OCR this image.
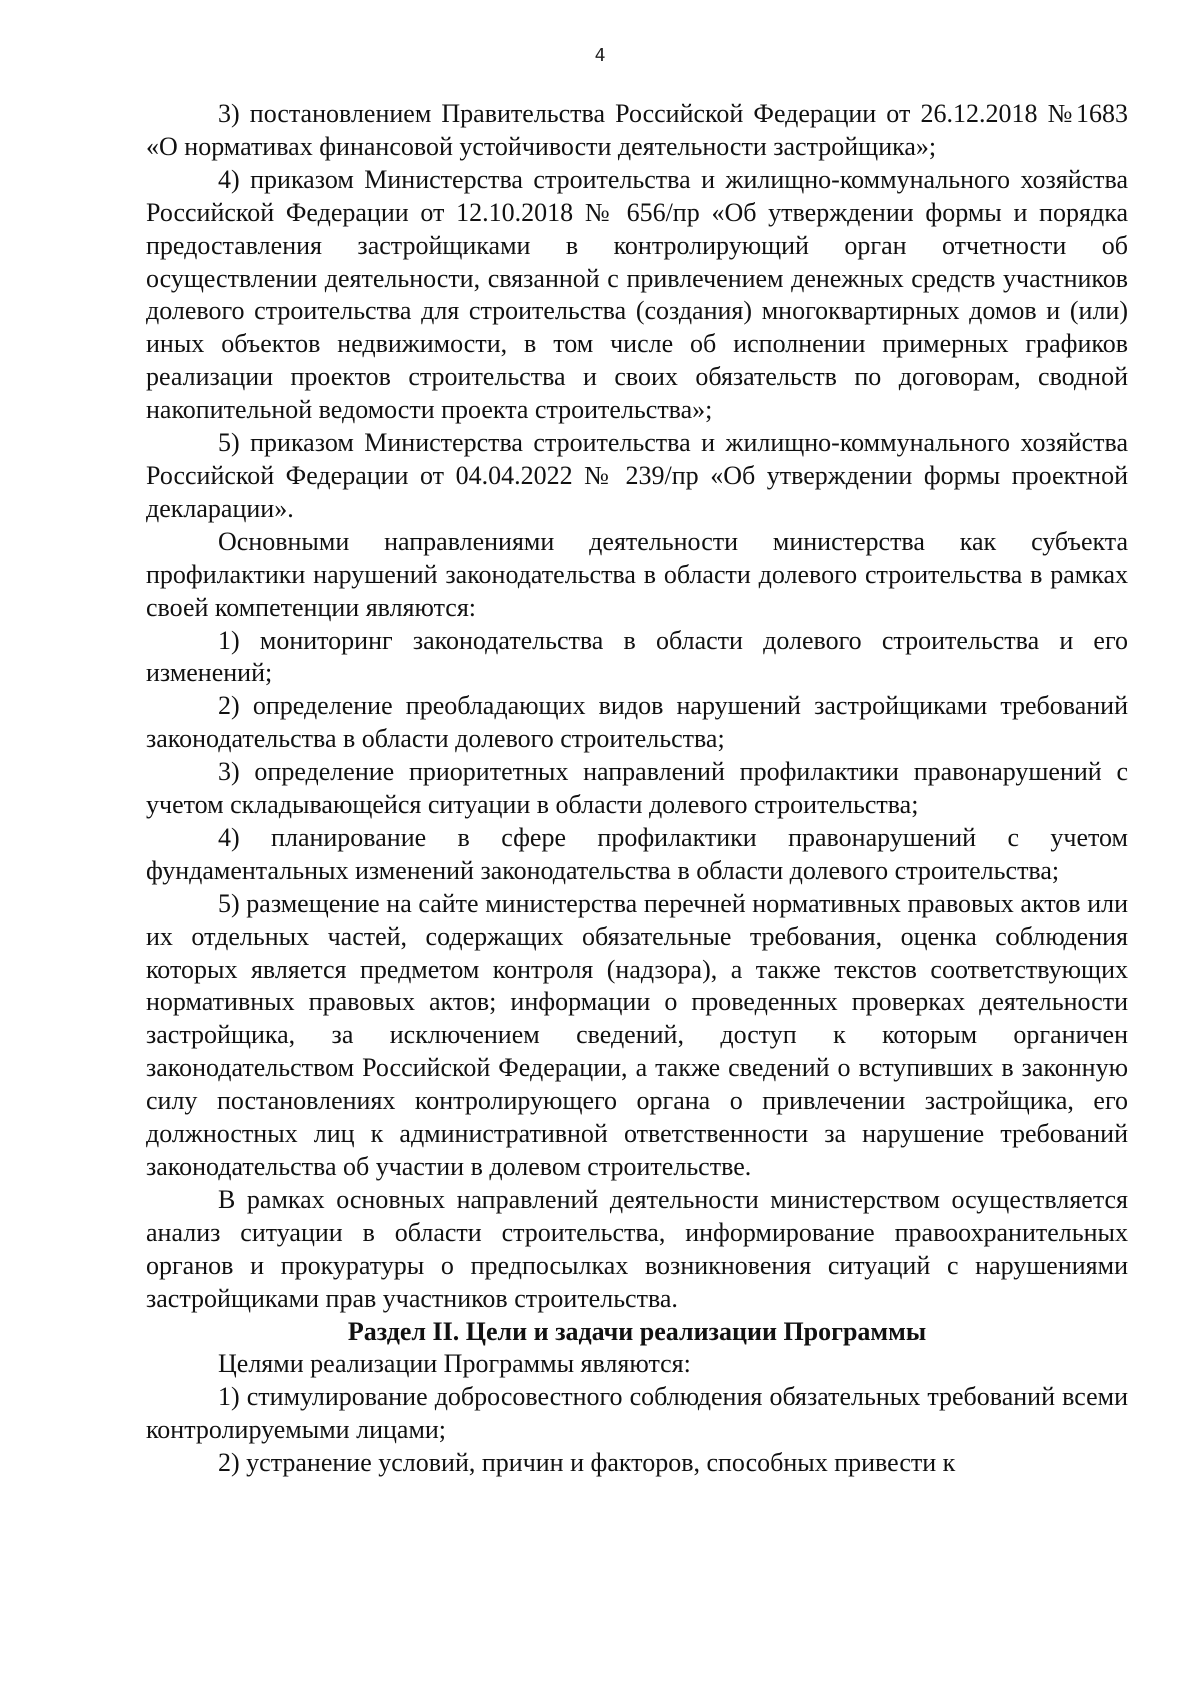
4

3) постановлением Правительства Российской Федерации от 26.12.2018 №1683 «О нормативах финансовой устойчивости деятельности застройщика»;

4) приказом Министерства строительства и жилищно-коммунального хозяйства Российской Федерации от 12.10.2018 № 656/пр «Об утверждении формы и порядка предоставления застройщиками в контролирующий орган отчетности об осуществлении деятельности, связанной с привлечением денежных средств участников долевого строительства для строительства (создания) многоквартирных домов и (или) иных объектов недвижимости, в том числе об исполнении примерных графиков реализации проектов строительства и своих обязательств по договорам, сводной накопительной ведомости проекта строительства»;

5) приказом Министерства строительства и жилищно-коммунального хозяйства Российской Федерации от 04.04.2022 № 239/пр «Об утверждении формы проектной декларации».

Основными направлениями деятельности министерства как субъекта профилактики нарушений законодательства в области долевого строительства в рамках своей компетенции являются:

1) мониторинг законодательства в области долевого строительства и его изменений;

2) определение преобладающих видов нарушений застройщиками требований законодательства в области долевого строительства;

3) определение приоритетных направлений профилактики правонарушений с учетом складывающейся ситуации в области долевого строительства;

4) планирование в сфере профилактики правонарушений с учетом фундаментальных изменений законодательства в области долевого строительства;

5) размещение на сайте министерства перечней нормативных правовых актов или их отдельных частей, содержащих обязательные требования, оценка соблюдения которых является предметом контроля (надзора), а также текстов соответствующих нормативных правовых актов; информации о проведенных проверках деятельности застройщика, за исключением сведений, доступ к которым органичен законодательством Российской Федерации, а также сведений о вступивших в законную силу постановлениях контролирующего органа о привлечении застройщика, его должностных лиц к административной ответственности за нарушение требований законодательства об участии в долевом строительстве.

В рамках основных направлений деятельности министерством осуществляется анализ ситуации в области строительства, информирование правоохранительных органов и прокуратуры о предпосылках возникновения ситуаций с нарушениями застройщиками прав участников строительства.

Раздел II. Цели и задачи реализации Программы

Целями реализации Программы являются:

1) стимулирование добросовестного соблюдения обязательных требований всеми контролируемыми лицами;

2) устранение условий, причин и факторов, способных привести к
